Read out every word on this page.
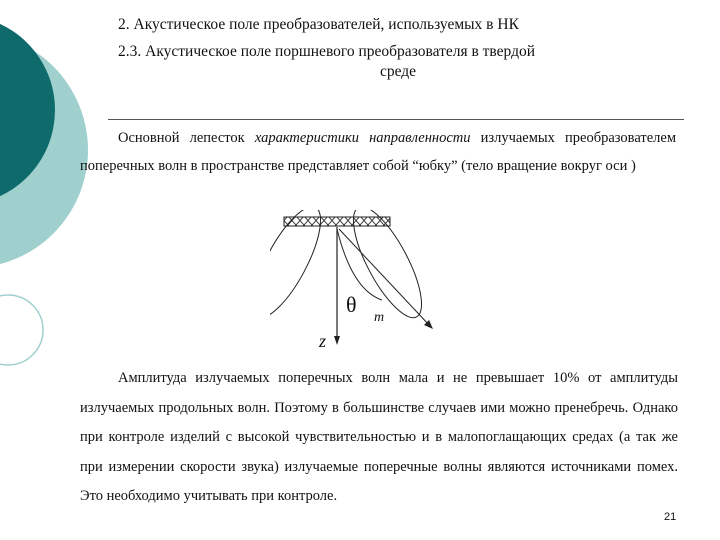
2. Акустическое поле преобразователей, используемых в НК
2.3. Акустическое поле поршневого преобразователя в твердой
среде
Основной лепесток характеристики направленности излучаемых преобразователем поперечных волн в пространстве представляет собой “юбку” (тело вращение вокруг оси )
θ
m
z
Амплитуда излучаемых поперечных волн мала и не превышает 10% от амплитуды излучаемых продольных волн. Поэтому в большинстве случаев ими можно пренебречь. Однако при контроле изделий с высокой чувствительностью и в малопоглащающих средах (а так же при измерении скорости звука) излучаемые поперечные волны являются источниками помех. Это необходимо учитывать при контроле.
21
